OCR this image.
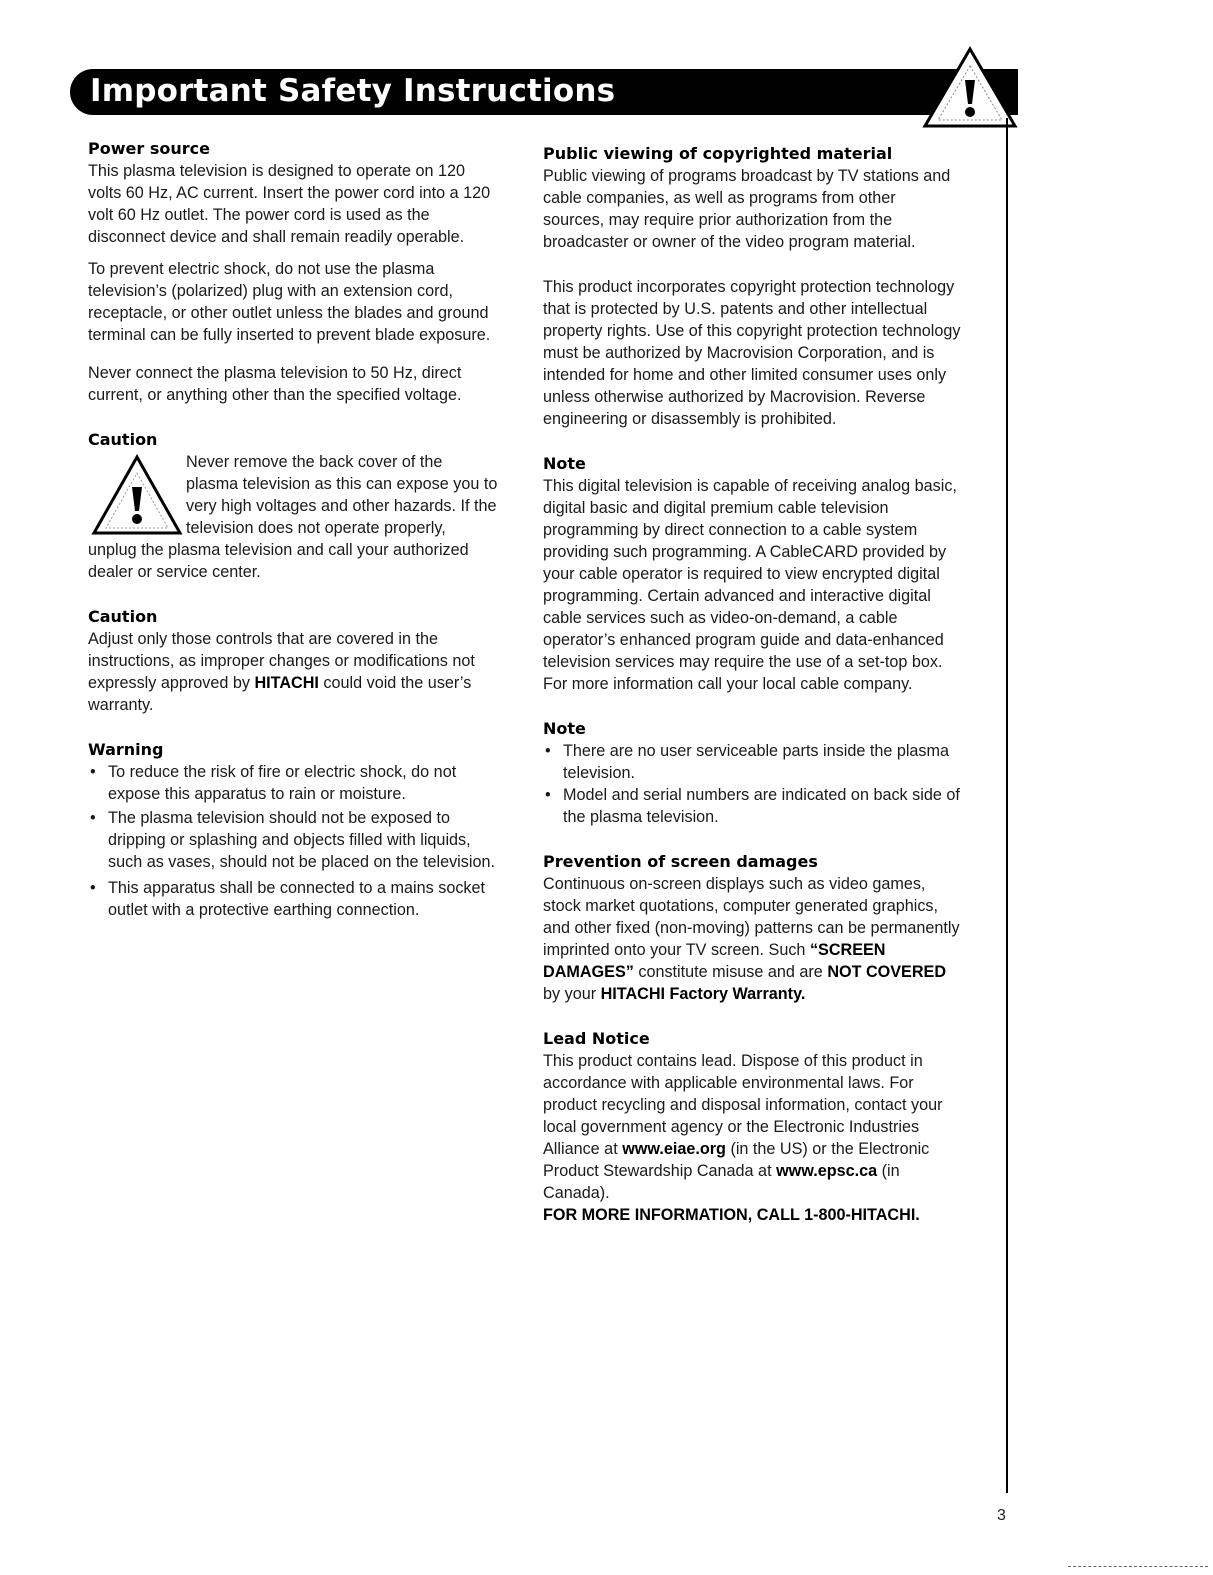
Important Safety Instructions

Power source

This plasma television is designed to operate on 120 volts 60 Hz, AC current. Insert the power cord into a 120 volt 60 Hz outlet. The power cord is used as the disconnect device and shall remain readily operable.

To prevent electric shock, do not use the plasma television’s (polarized) plug with an extension cord, receptacle, or other outlet unless the blades and ground terminal can be fully inserted to prevent blade exposure.

Never connect the plasma television to 50 Hz, direct current, or anything other than the specified voltage.

Caution

Never remove the back cover of the plasma television as this can expose you to very high voltages and other hazards. If the television does not operate properly,

unplug the plasma television and call your authorized dealer or service center.

Caution

Adjust only those controls that are covered in the instructions, as improper changes or modifications not expressly approved by HITACHI could void the user’s warranty.

Warning

• To reduce the risk of fire or electric shock, do not expose this apparatus to rain or moisture.

• The plasma television should not be exposed to dripping or splashing and objects filled with liquids, such as vases, should not be placed on the television.

• This apparatus shall be connected to a mains socket outlet with a protective earthing connection.

Public viewing of copyrighted material

Public viewing of programs broadcast by TV stations and cable companies, as well as programs from other sources, may require prior authorization from the broadcaster or owner of the video program material.

This product incorporates copyright protection technology that is protected by U.S. patents and other intellectual property rights. Use of this copyright protection technology must be authorized by Macrovision Corporation, and is intended for home and other limited consumer uses only unless otherwise authorized by Macrovision. Reverse engineering or disassembly is prohibited.

Note

This digital television is capable of receiving analog basic, digital basic and digital premium cable television programming by direct connection to a cable system providing such programming. A CableCARD provided by your cable operator is required to view encrypted digital programming. Certain advanced and interactive digital cable services such as video-on-demand, a cable operator’s enhanced program guide and data-enhanced television services may require the use of a set-top box. For more information call your local cable company.

Note

• There are no user serviceable parts inside the plasma television.

• Model and serial numbers are indicated on back side of the plasma television.

Prevention of screen damages

Continuous on-screen displays such as video games, stock market quotations, computer generated graphics, and other fixed (non-moving) patterns can be permanently imprinted onto your TV screen. Such “SCREEN DAMAGES” constitute misuse and are NOT COVERED by your HITACHI Factory Warranty.

Lead Notice

This product contains lead. Dispose of this product in accordance with applicable environmental laws. For product recycling and disposal information, contact your local government agency or the Electronic Industries Alliance at www.eiae.org (in the US) or the Electronic Product Stewardship Canada at www.epsc.ca (in Canada).

FOR MORE INFORMATION, CALL 1-800-HITACHI.

3
